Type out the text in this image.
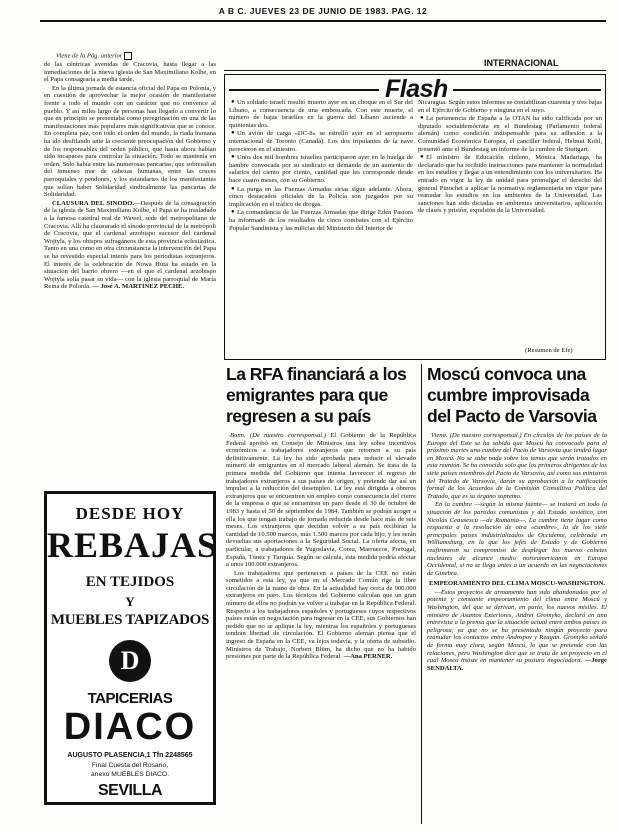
A B C. JUEVES 23 DE JUNIO DE 1983. PAG. 12
INTERNACIONAL

Viene de la Pág. anterior

de las céntricas avenidas de Cracovia, hasta llegar a las inmediaciones de la nueva iglesia de San Maximiliano Kolbe, en el Papa consagraría a media tarde.

En la última jornada de estancia oficial del Papa en Polonia, y en cuestión de aprovechar la mejor ocasión de manifestarse frente a todo el mundo con un carácter que no convence al pueblo. Y así miles largo de personas han llegado a convertir lo que en principio se presentaba como peregrinación en una de las manifestaciones más populares más significativas que se conoce. En completa paz, con todo el orden del mundo, la riada humana ha ido desfilando ante la creciente preocupación del Gobierno y de los responsables del orden público, que hasta ahora habían sido incapaces para controlar la situación. Todo se mantenía en orden. Sólo había entre las numerosas pancartas, que sobresalían del inmenso mar de cabezas humanas, entre las cruces parroquiales y pendones, y los estandartes de los manifestantes que solían haber Solidaridad sindicalmente las pancartas de Solidaridad.

CLAUSURA DEL SINODO.—Después de la consagración de la iglesia de San Maximiliano Kolbe, el Papa se ha trasladado a la famosa catedral real de Wawel, sede del metropolitano de Cracovia. Allí ha clausurado el sínodo provincial de la metrópoli de Cracovia, que el cardenal arzobispo sucesor del cardenal Wojtyla, y los obispos sufragáneos de esta provincia eclesiástica. Tanto en una como en otra circunstancia la intervención del Papa se ha revestido especial interés para los periodistas extranjeros. El interés de la celebración de Nowa Huta ha estado en la situación del barrio obrero —en el que el cardenal arzobispo Wojtyla solía pasar su vida— con la iglesia parroquial de María Reina de Polonia. — José A. MARTINEZ PECHE.

DESDE HOY
REBAJAS
EN TEJIDOS
Y
MUEBLES TAPIZADOS
D
TAPICERIAS
DIACO
AUGUSTO PLASENCIA,1 Tfn 2248565
Final Cuesta del Rosario,
anexo MUEBLES DIACO.
SEVILLA
Flash

● Un soldado israelí resultó muerto ayer en un choque en el Sur del Líbano, a consecuencia de una emboscada. Con este muerte, el número de bajas israelíes en la guerra del Líbano asciende a quinientas dos.

● Un avión de carga «DC-8» se estrelló ayer en el aeropuerto internacional de Toronto (Canadá). Los dos tripulantes de la nave perecieron en el siniestro.

● Unos dos mil hombres israelíes participaron ayer en la huelga de hambre convocada por su sindicato en demanda de un aumento de salarios del ciento por ciento, cantidad que les corresponde desde hace cuatro meses, con su Gobierno.

● La purga en las Fuerzas Armadas sirias sigue adelante. Ahora, cinco destacados oficiales de la Policía son juzgados por su implicación en el tráfico de drogas.

● La comandancia de las Fuerzas Armadas que dirige Edén Pastora ha informado de los resultados de cinco combates con el Ejército Popular Sandinista y las milicias del Ministerio del Interior de

Nicaragua. Según estos informes se contabilizan cuarenta y tres bajas en el Ejército de Gobierno y ninguna en el suyo.

● La pertenencia de España a la OTAN ha sido calificada por un diputado socialdemócrata en el Bundestag (Parlamento federal alemán) como condición indispensable para su adhesión a la Comunidad Económica Europea, el canciller federal, Helmut Kohl, presentó ante el Bundestag un informe de la cumbre de Stuttgart.

● El ministro de Educación chileno, Mónica Madariaga, ha declarado que ha recibido instrucciones para mantener la normalidad en los estudios y llegar a un entendimiento con los universitarios. Ha entrado en vigor la ley de unidad para promulgar el derecho del general Pinochet a aplicar la normativa reglamentaria en vigor para reanudar los estudios en los ambientes de la Universidad. Las sanciones han sido dictadas en ambientes universitarios, aplicación de clases y prisión, expulsión de la Universidad.

(Resumen de Efe)
La RFA financiará a los emigrantes para que regresen a su país

Bonn. (De nuestro corresponsal.) El Gobierno de la República Federal aprobó en Consejo de Ministros una ley sobre incentivos económicos a trabajadores extranjeros que retornen a su país definitivamente. La ley ha sido aprobada para reducir el elevado número de emigrantes en el mercado laboral alemán. Se trata de la primera medida del Gobierno que intenta favorecer el regreso de trabajadores extranjeros a sus países de origen, y pretende dar así un impulso a la reducción del desempleo. La ley está dirigida a obreros extranjeros que se encuentren sin empleo como consecuencia del cierre de la empresa o que se encuentren en paro desde el 30 de octubre de 1983 y hasta el 30 de septiembre de 1984. También se podrán acoger a ella los que tengan trabajo de jornada reducida desde hace más de seis meses. Los extranjeros que decidan volver a su país recibirán la cantidad de 10.500 marcos, más 1.500 marcos por cada hijo, y les serán devueltas sus aportaciones a la Seguridad Social. La oferta afecta, en particular, a trabajadores de Yugoslavia, Corea, Marruecos, Portugal, España, Túnez y Turquía. Según se calcula, esta medida podría afectar a unos 100.000 extranjeros.

Los trabajadores que pertenecen a países de la CEE no están sometidos a esta ley, ya que en el Mercado Común rige la libre circulación de la mano de obra. En la actualidad hay cerca de 900.000 extranjeros en paro. Los técnicos del Gobierno calculan que un gran número de ellos no podrán ya volver a trabajar en la República Federal. Respecto a los trabajadores españoles y portugueses cuyos respectivos países están en negociación para ingresar en la CEE, sus Gobiernos han pedido que no se aplique la ley, mientras los españoles y portugueses tendrán libertad de circulación. El Gobierno alemán piensa que el ingreso de España en la CEE, va lejos todavía, y la oferta de subsidio. Ministros de Trabajo, Norbert Blüm, ha dicho que no ha habido presiones por parte de la República Federal. —Ana PERNER.

Moscú convoca una cumbre improvisada del Pacto de Varsovia

Viena. (De nuestro corresponsal.) En círculos de los países de la Europa del Este se ha sabido que Moscú ha convocado para el próximo martes una cumbre del Pacto de Varsovia que tendrá lugar en Moscú. No se sabe nada sobre los temas que serán tratados en esta reunión. Se ha conocido solo que los primeros dirigentes de los siete países miembros del Pacto de Varsovia, así como sus ministros del Tratado de Varsovia, darán su aprobación a la ratificación formal de los Acuerdos de la Comisión Consultiva Política del Tratado, que es su órgano supremo.

En la cumbre —según la misma fuente— se tratará en todo la situación de los partidos comunistas y del Estado soviético, con Nicolás Ceausescu —de Rumania—. La cumbre tiene lugar como respuesta a la resolución de otra «cumbre», la de los siete principales países industrializados de Occidente, celebrada en Williamsburg, en la que los jefes de Estado y de Gobierno reafirmaron su compromiso de desplegar los nuevos cohetes nucleares de alcance medio norteamericanos en Europa Occidental, si no se llega antes a un acuerdo en las negociaciones de Ginebra.

EMPEORAMIENTO DEL CLIMA MOSCU-WASHINGTON.

—Estos proyectos de armamento han sido abandonados por el potente y constante empeoramiento del clima entre Moscú y Washington, del que se derivan, en parte, los nuevos misiles. El ministro de Asuntos Exteriores, Andrei Gromyko, declaró en una entrevista a la prensa que la situación actual entre ambos países es peligrosa, ya que no se ha presentado ningún proyecto para reanudar los contactos entre Andropov y Reagan. Gromyko señaló de forma muy clara, según Moscú, lo que se pretende con las relaciones, pero Washington dice que se trata de un proyecto en el cual Moscú insiste en mantener su postura negociadora. —Jorge SENDALTA.
